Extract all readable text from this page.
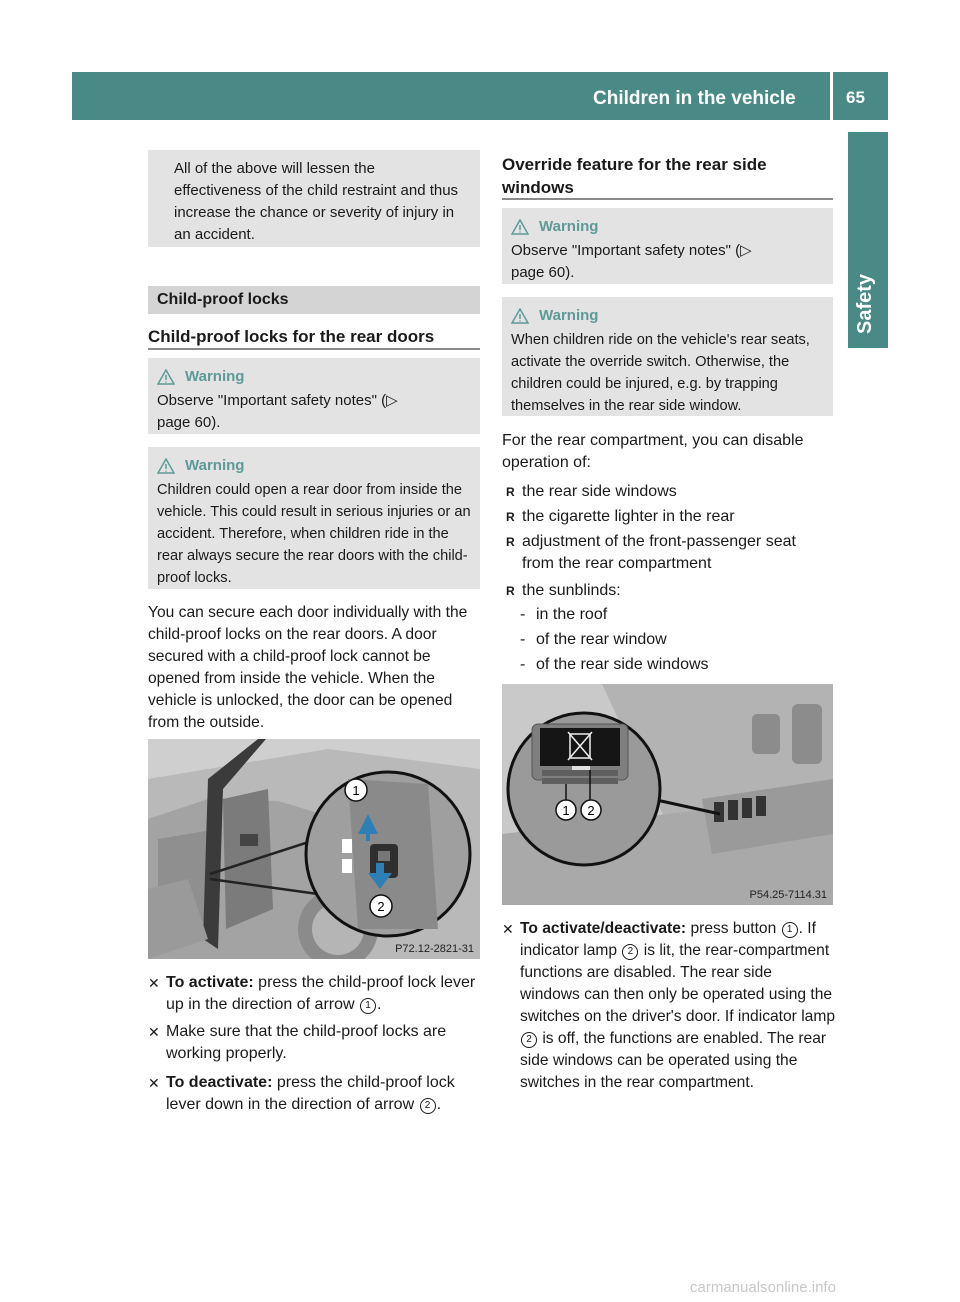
Children in the vehicle	65
Safety

All of the above will lessen the effectiveness of the child restraint and thus increase the chance or severity of injury in an accident.

Child-proof locks
Child-proof locks for the rear doors
Warning

Observe "Important safety notes" (▷ page 60).

Warning

Children could open a rear door from inside the vehicle. This could result in serious injuries or an accident. Therefore, when children ride in the rear always secure the rear doors with the child-proof locks.

You can secure each door individually with the child-proof locks on the rear doors. A door secured with a child-proof lock cannot be opened from inside the vehicle. When the vehicle is unlocked, the door can be opened from the outside.

1
2
P72.12-2821-31
✕ To activate: press the child-proof lock lever up in the direction of arrow 1 .
✕ Make sure that the child-proof locks are working properly.
✕ To deactivate: press the child-proof lock lever down in the direction of arrow 2 .
Override feature for the rear side windows
Warning

Observe "Important safety notes" (▷ page 60).

Warning

When children ride on the vehicle's rear seats, activate the override switch. Otherwise, the children could be injured, e.g. by trapping themselves in the rear side window.

For the rear compartment, you can disable operation of:

R the rear side windows
R the cigarette lighter in the rear
R adjustment of the front-passenger seat from the rear compartment
R the sunblinds:
- in the roof
- of the rear window
- of the rear side windows
1 2
P54.25-7114.31
✕ To activate/deactivate: press button 1 . If indicator lamp 2 is lit, the rear-compartment functions are disabled. The rear side windows can then only be operated using the switches on the driver's door. If indicator lamp 2 is off, the functions are enabled. The rear side windows can be operated using the switches in the rear compartment.
carmanualsonline.info
